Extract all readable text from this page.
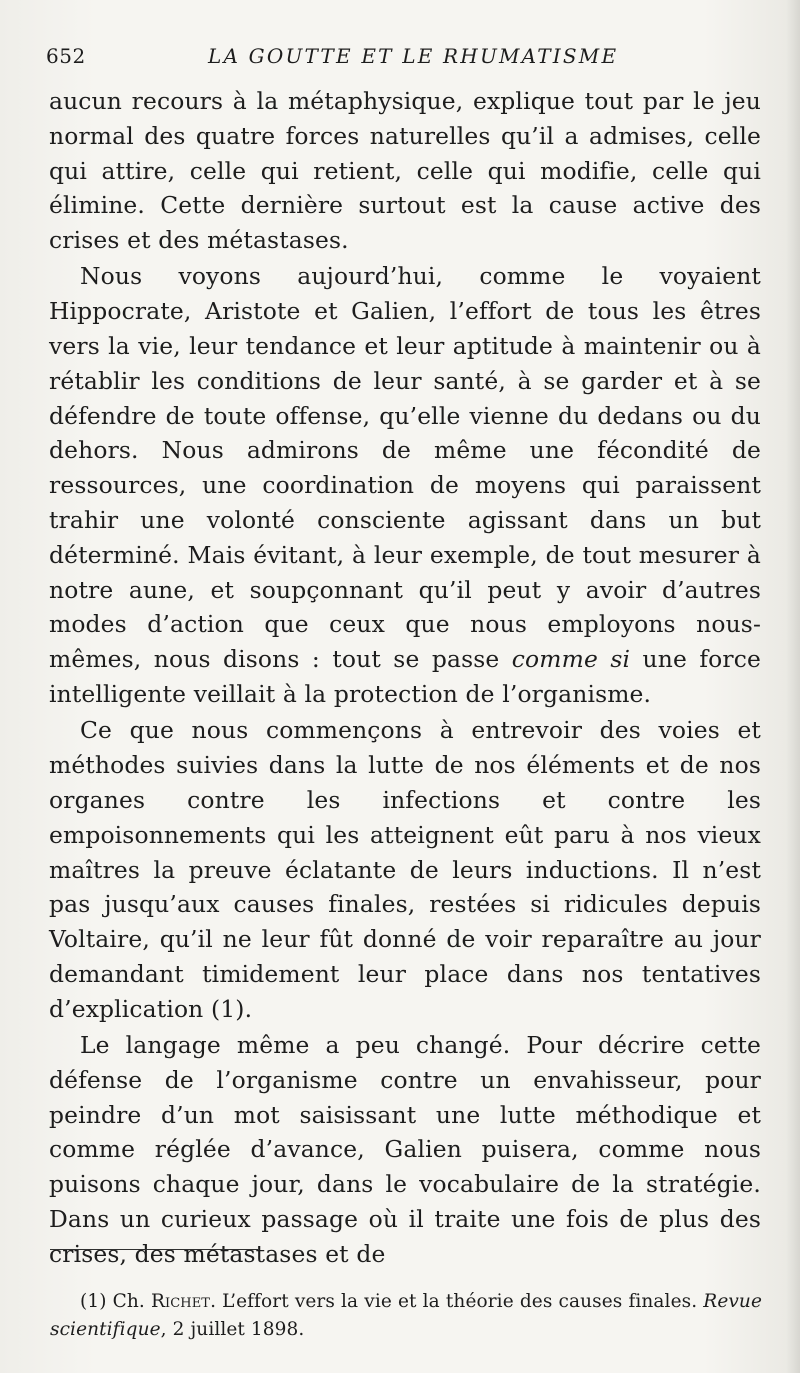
652	LA GOUTTE ET LE RHUMATISME

aucun recours à la métaphysique, explique tout par le jeu normal des quatre forces naturelles qu’il a admises, celle qui attire, celle qui retient, celle qui modifie, celle qui élimine. Cette dernière surtout est la cause active des crises et des métastases.

Nous voyons aujourd’hui, comme le voyaient Hippocrate, Aristote et Galien, l’effort de tous les êtres vers la vie, leur tendance et leur aptitude à maintenir ou à rétablir les conditions de leur santé, à se garder et à se défendre de toute offense, qu’elle vienne du dedans ou du dehors. Nous admirons de même une fécondité de ressources, une coordination de moyens qui paraissent trahir une volonté consciente agissant dans un but déterminé. Mais évitant, à leur exemple, de tout mesurer à notre aune, et soupçonnant qu’il peut y avoir d’autres modes d’action que ceux que nous employons nous-mêmes, nous disons : tout se passe comme si une force intelligente veillait à la protection de l’organisme.

Ce que nous commençons à entrevoir des voies et méthodes suivies dans la lutte de nos éléments et de nos organes contre les infections et contre les empoisonnements qui les atteignent eût paru à nos vieux maîtres la preuve éclatante de leurs inductions. Il n’est pas jusqu’aux causes finales, restées si ridicules depuis Voltaire, qu’il ne leur fût donné de voir reparaître au jour demandant timidement leur place dans nos tentatives d’explication (1).

Le langage même a peu changé. Pour décrire cette défense de l’organisme contre un envahisseur, pour peindre d’un mot saisissant une lutte méthodique et comme réglée d’avance, Galien puisera, comme nous puisons chaque jour, dans le vocabulaire de la stratégie. Dans un curieux passage où il traite une fois de plus des crises, des métastases et de

(1) Ch. Richet. L’effort vers la vie et la théorie des causes finales. Revue scientifique, 2 juillet 1898.
